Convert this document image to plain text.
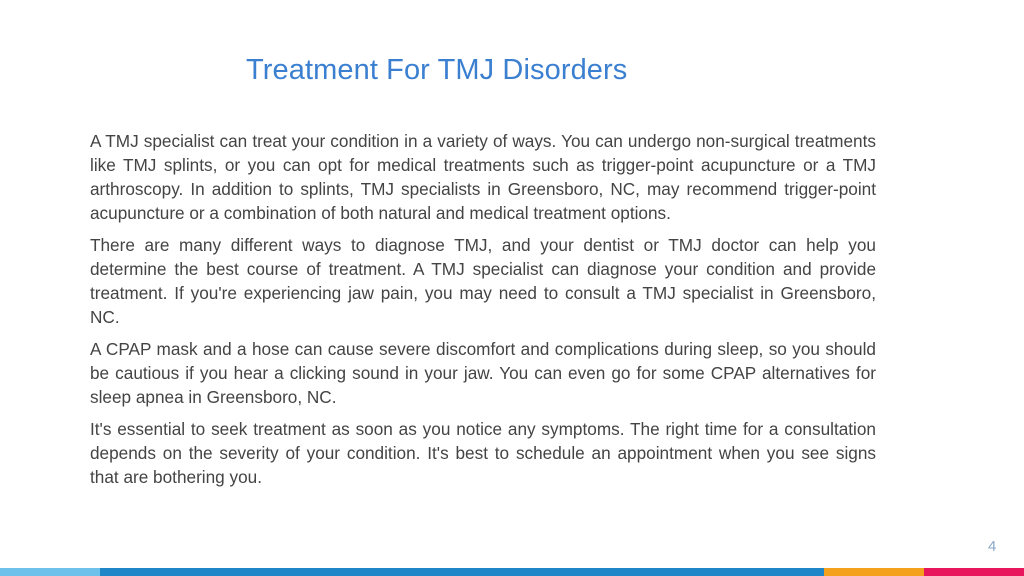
Treatment For TMJ Disorders

A TMJ specialist can treat your condition in a variety of ways. You can undergo non-surgical treatments like TMJ splints, or you can opt for medical treatments such as trigger-point acupuncture or a TMJ arthroscopy. In addition to splints, TMJ specialists in Greensboro, NC, may recommend trigger-point acupuncture or a combination of both natural and medical treatment options.

There are many different ways to diagnose TMJ, and your dentist or TMJ doctor can help you determine the best course of treatment. A TMJ specialist can diagnose your condition and provide treatment. If you're experiencing jaw pain, you may need to consult a TMJ specialist in Greensboro, NC.

A CPAP mask and a hose can cause severe discomfort and complications during sleep, so you should be cautious if you hear a clicking sound in your jaw. You can even go for some CPAP alternatives for sleep apnea in Greensboro, NC.

It's essential to seek treatment as soon as you notice any symptoms. The right time for a consultation depends on the severity of your condition. It's best to schedule an appointment when you see signs that are bothering you.

4
